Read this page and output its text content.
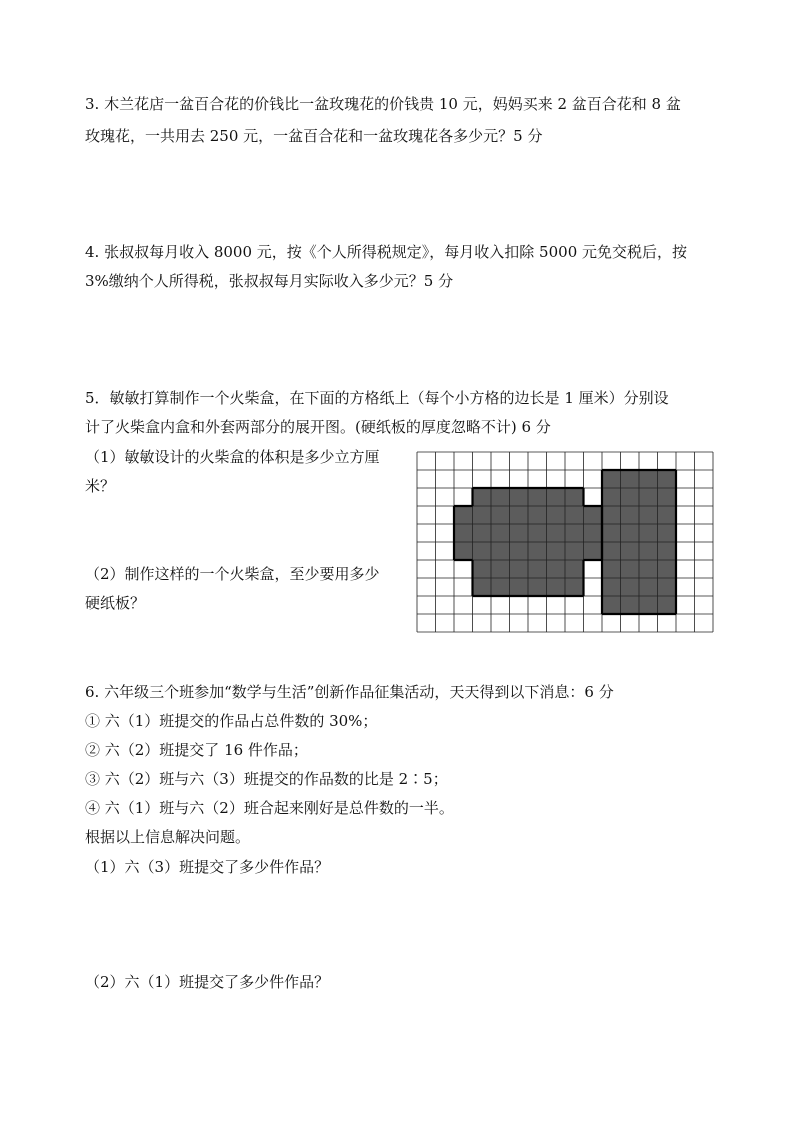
3. 木兰花店一盆百合花的价钱比一盆玫瑰花的价钱贵 10 元，妈妈买来 2 盆百合花和 8 盆
玫瑰花，一共用去 250 元，一盆百合花和一盆玫瑰花各多少元？5 分
4. 张叔叔每月收入 8000 元，按《个人所得税规定》，每月收入扣除 5000 元免交税后，按
3%缴纳个人所得税，张叔叔每月实际收入多少元？5 分
5．敏敏打算制作一个火柴盒，在下面的方格纸上（每个小方格的边长是 1 厘米）分别设
计了火柴盒内盒和外套两部分的展开图。(硬纸板的厚度忽略不计) 6 分
（1）敏敏设计的火柴盒的体积是多少立方厘
米？
（2）制作这样的一个火柴盒，至少要用多少
硬纸板？
6. 六年级三个班参加“数学与生活”创新作品征集活动，天天得到以下消息：6 分
① 六（1）班提交的作品占总件数的 30%；
② 六（2）班提交了 16 件作品；
③ 六（2）班与六（3）班提交的作品数的比是 2∶5；
④ 六（1）班与六（2）班合起来刚好是总件数的一半。
根据以上信息解决问题。
（1）六（3）班提交了多少件作品？
（2）六（1）班提交了多少件作品？
